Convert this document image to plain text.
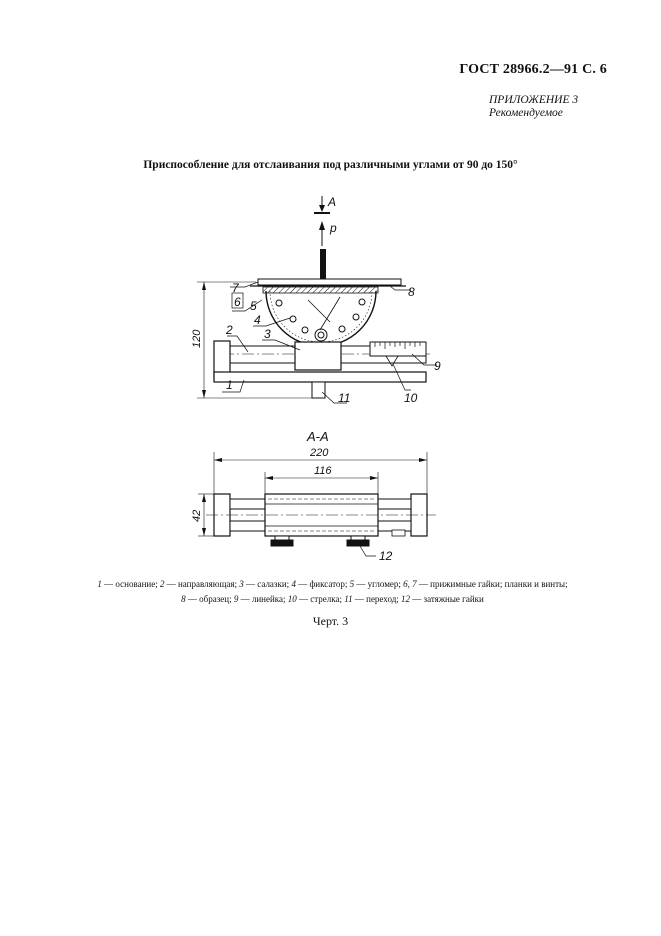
ГОСТ 28966.2—91 С. 6
ПРИЛОЖЕНИЕ 3
Рекомендуемое
Приспособление для отслаивания под различными углами от 90 до 150°
А
р
120
7
6 5
4
3
2
1
8
9
10
11
А-А
220
116
12
42
1 — основание; 2 — направляющая; 3 — салазки; 4 — фиксатор; 5 — угломер; 6, 7 — прижимные гайки; планки и винты;
8 — образец; 9 — линейка; 10 — стрелка; 11 — переход; 12 — затяжные гайки
Черт. 3
